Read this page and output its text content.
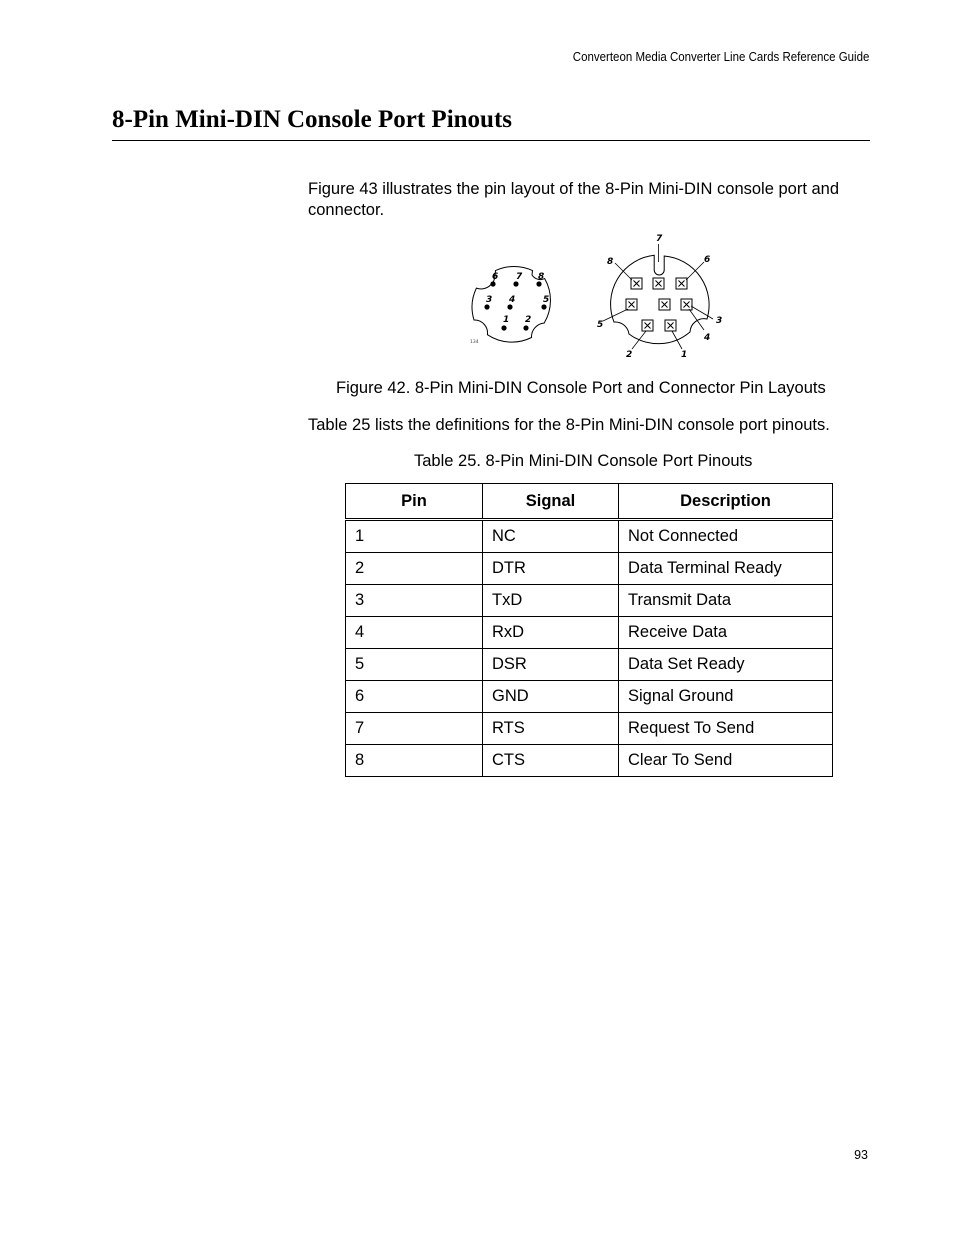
Converteon Media Converter Line Cards Reference Guide
8-Pin Mini-DIN Console Port Pinouts

Figure 43 illustrates the pin layout of the 8-Pin Mini-DIN console port and connector.

6 7 8
3 4	5
1 2
134
7
8	6
5	3
4
2	1

Figure 42. 8-Pin Mini-DIN Console Port and Connector Pin Layouts

Table 25 lists the definitions for the 8-Pin Mini-DIN console port pinouts.

Table 25. 8-Pin Mini-DIN Console Port Pinouts

Pin	Signal	Description
1	NC	Not Connected
2	DTR	Data Terminal Ready
3	TxD	Transmit Data
4	RxD	Receive Data
5	DSR	Data Set Ready
6	GND	Signal Ground
7	RTS	Request To Send
8	CTS	Clear To Send
93
